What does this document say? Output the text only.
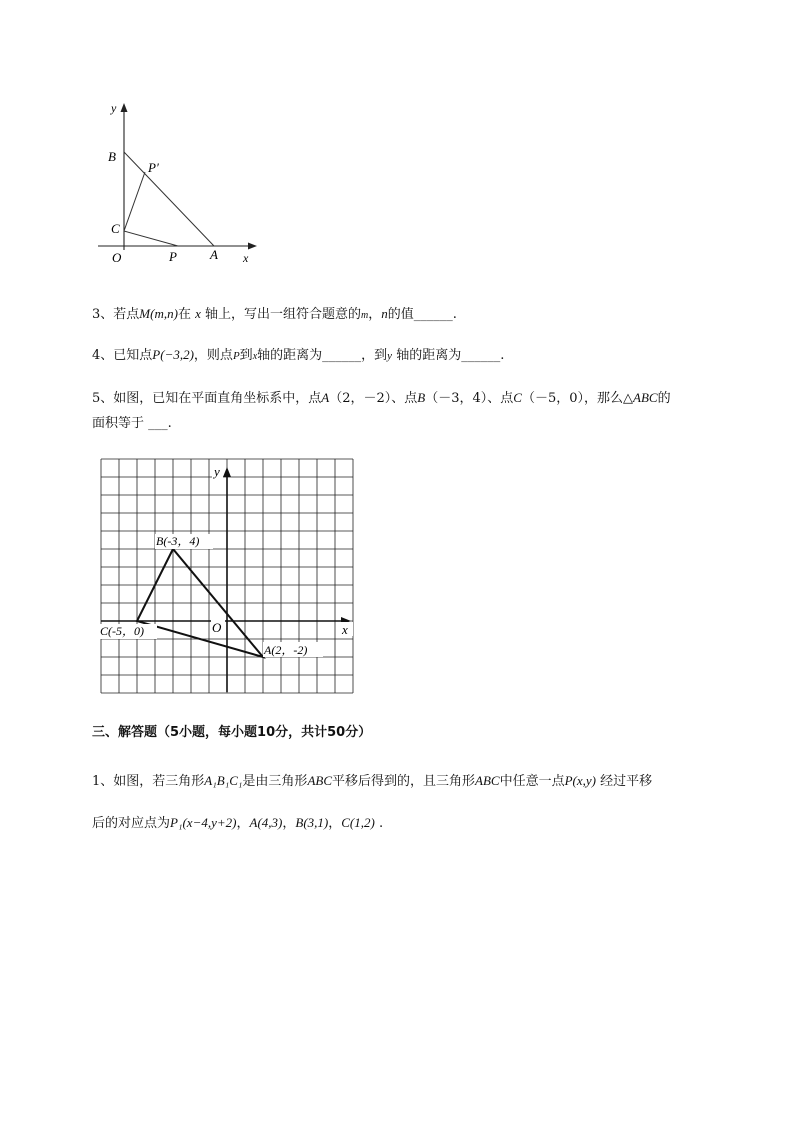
y
B
P′
C
O	P	A x
3、若点M(m,n)在 x 轴上，写出一组符合题意的m，n的值______.
4、已知点P(−3,2)，则点P到x轴的距离为______，到y 轴的距离为______.
5、如图，已知在平面直角坐标系中，点A（2，－2）、点B（－3，4）、点C（－5，0），那么△ABC的
面积等于 ___.
y
x
O
B(-3，4)
C(-5，0)
A(2，-2)
三、解答题（5小题，每小题10分，共计50分）
1、如图，若三角形A₁B₁C₁是由三角形ABC平移后得到的，且三角形ABC中任意一点P(x,y) 经过平移
后的对应点为P₁(x−4,y+2)，A(4,3)，B(3,1)，C(1,2) .
